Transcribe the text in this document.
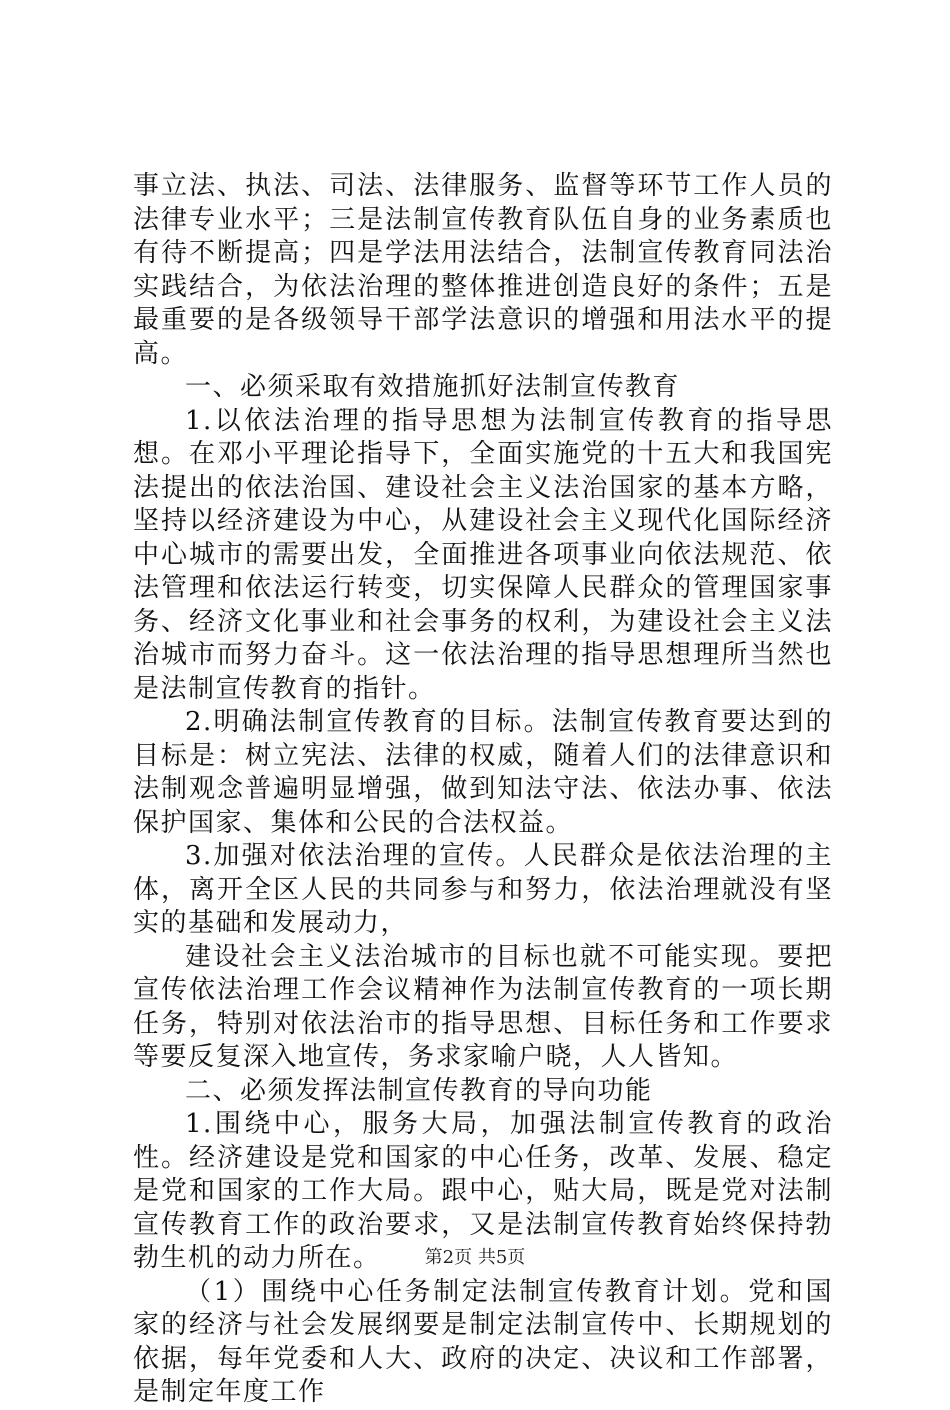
事立法、执法、司法、法律服务、监督等环节工作人员的法律专业水平；三是法制宣传教育队伍自身的业务素质也有待不断提高；四是学法用法结合，法制宣传教育同法治实践结合，为依法治理的整体推进创造良好的条件；五是最重要的是各级领导干部学法意识的增强和用法水平的提高。

一、必须采取有效措施抓好法制宣传教育

1.以依法治理的指导思想为法制宣传教育的指导思想。在邓小平理论指导下，全面实施党的十五大和我国宪法提出的依法治国、建设社会主义法治国家的基本方略，坚持以经济建设为中心，从建设社会主义现代化国际经济中心城市的需要出发，全面推进各项事业向依法规范、依法管理和依法运行转变，切实保障人民群众的管理国家事务、经济文化事业和社会事务的权利，为建设社会主义法治城市而努力奋斗。这一依法治理的指导思想理所当然也是法制宣传教育的指针。

2.明确法制宣传教育的目标。法制宣传教育要达到的目标是：树立宪法、法律的权威，随着人们的法律意识和法制观念普遍明显增强，做到知法守法、依法办事、依法保护国家、集体和公民的合法权益。

3.加强对依法治理的宣传。人民群众是依法治理的主体，离开全区人民的共同参与和努力，依法治理就没有坚实的基础和发展动力，

建设社会主义法治城市的目标也就不可能实现。要把宣传依法治理工作会议精神作为法制宣传教育的一项长期任务，特别对依法治市的指导思想、目标任务和工作要求等要反复深入地宣传，务求家喻户晓，人人皆知。

二、必须发挥法制宣传教育的导向功能

1.围绕中心，服务大局，加强法制宣传教育的政治性。经济建设是党和国家的中心任务，改革、发展、稳定是党和国家的工作大局。跟中心，贴大局，既是党对法制宣传教育工作的政治要求，又是法制宣传教育始终保持勃勃生机的动力所在。

（1）围绕中心任务制定法制宣传教育计划。党和国家的经济与社会发展纲要是制定法制宣传中、长期规划的依据，每年党委和人大、政府的决定、决议和工作部署，是制定年度工作

第2页 共5页
